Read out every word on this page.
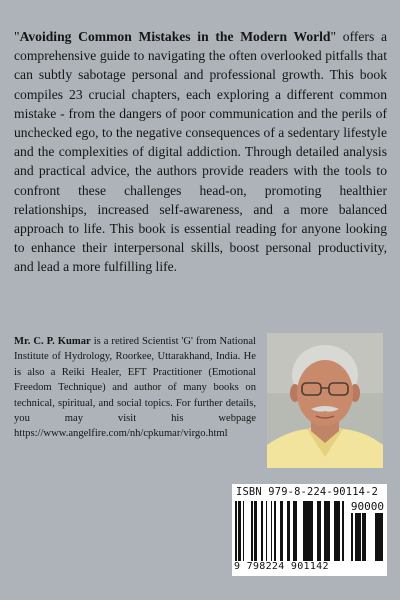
"Avoiding Common Mistakes in the Modern World" offers a comprehensive guide to navigating the often overlooked pitfalls that can subtly sabotage personal and professional growth. This book compiles 23 crucial chapters, each exploring a different common mistake - from the dangers of poor communication and the perils of unchecked ego, to the negative consequences of a sedentary lifestyle and the complexities of digital addiction. Through detailed analysis and practical advice, the authors provide readers with the tools to confront these challenges head-on, promoting healthier relationships, increased self-awareness, and a more balanced approach to life. This book is essential reading for anyone looking to enhance their interpersonal skills, boost personal productivity, and lead a more fulfilling life.

Mr. C. P. Kumar is a retired Scientist 'G' from National Institute of Hydrology, Roorkee, Uttarakhand, India. He is also a Reiki Healer, EFT Practitioner (Emotional Freedom Technique) and author of many books on technical, spiritual, and social topics. For further details, you may visit his webpage https://www.angelfire.com/nh/cpkumar/virgo.html

ISBN 979-8-224-90114-2
90000
9 798224 901142
